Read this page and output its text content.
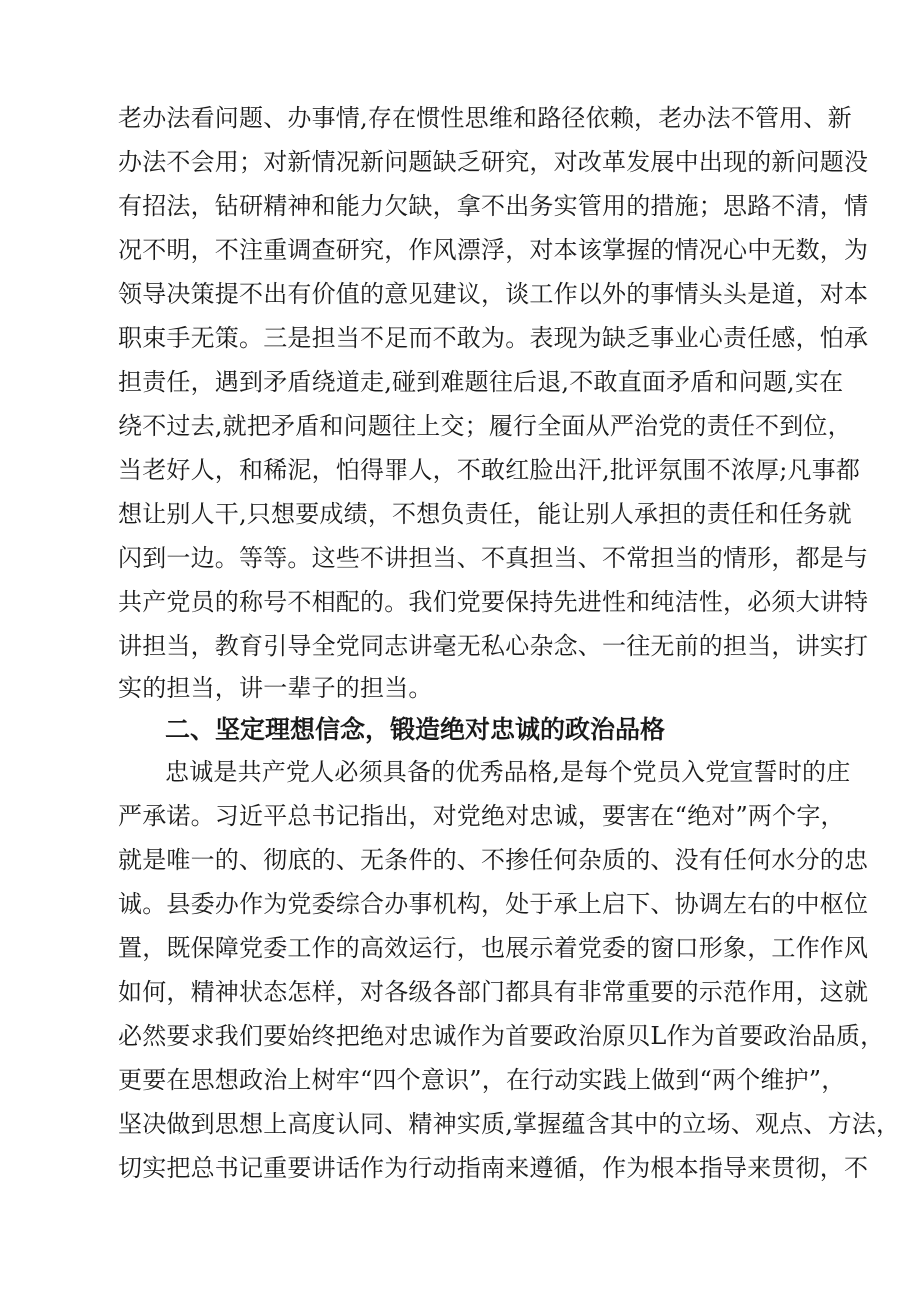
老办法看问题、办事情,存在惯性思维和路径依赖，老办法不管用、新
办法不会用；对新情况新问题缺乏研究，对改革发展中出现的新问题没
有招法，钻研精神和能力欠缺，拿不出务实管用的措施；思路不清，情
况不明，不注重调查研究，作风漂浮，对本该掌握的情况心中无数，为
领导决策提不出有价值的意见建议，谈工作以外的事情头头是道，对本
职束手无策。三是担当不足而不敢为。表现为缺乏事业心责任感，怕承
担责任，遇到矛盾绕道走,碰到难题往后退,不敢直面矛盾和问题,实在
绕不过去,就把矛盾和问题往上交；履行全面从严治党的责任不到位，
当老好人，和稀泥，怕得罪人，不敢红脸出汗,批评氛围不浓厚;凡事都
想让别人干,只想要成绩，不想负责任，能让别人承担的责任和任务就
闪到一边。等等。这些不讲担当、不真担当、不常担当的情形，都是与
共产党员的称号不相配的。我们党要保持先进性和纯洁性，必须大讲特
讲担当，教育引导全党同志讲毫无私心杂念、一往无前的担当，讲实打
实的担当，讲一辈子的担当。
二、坚定理想信念，锻造绝对忠诚的政治品格
忠诚是共产党人必须具备的优秀品格,是每个党员入党宣誓时的庄
严承诺。习近平总书记指出，对党绝对忠诚，要害在“绝对”两个字，
就是唯一的、彻底的、无条件的、不掺任何杂质的、没有任何水分的忠
诚。县委办作为党委综合办事机构，处于承上启下、协调左右的中枢位
置，既保障党委工作的高效运行，也展示着党委的窗口形象，工作作风
如何，精神状态怎样，对各级各部门都具有非常重要的示范作用，这就
必然要求我们要始终把绝对忠诚作为首要政治原贝L作为首要政治品质，
更要在思想政治上树牢“四个意识”，在行动实践上做到“两个维护”，
坚决做到思想上高度认同、精神实质,掌握蕴含其中的立场、观点、方法，
切实把总书记重要讲话作为行动指南来遵循，作为根本指导来贯彻，不
